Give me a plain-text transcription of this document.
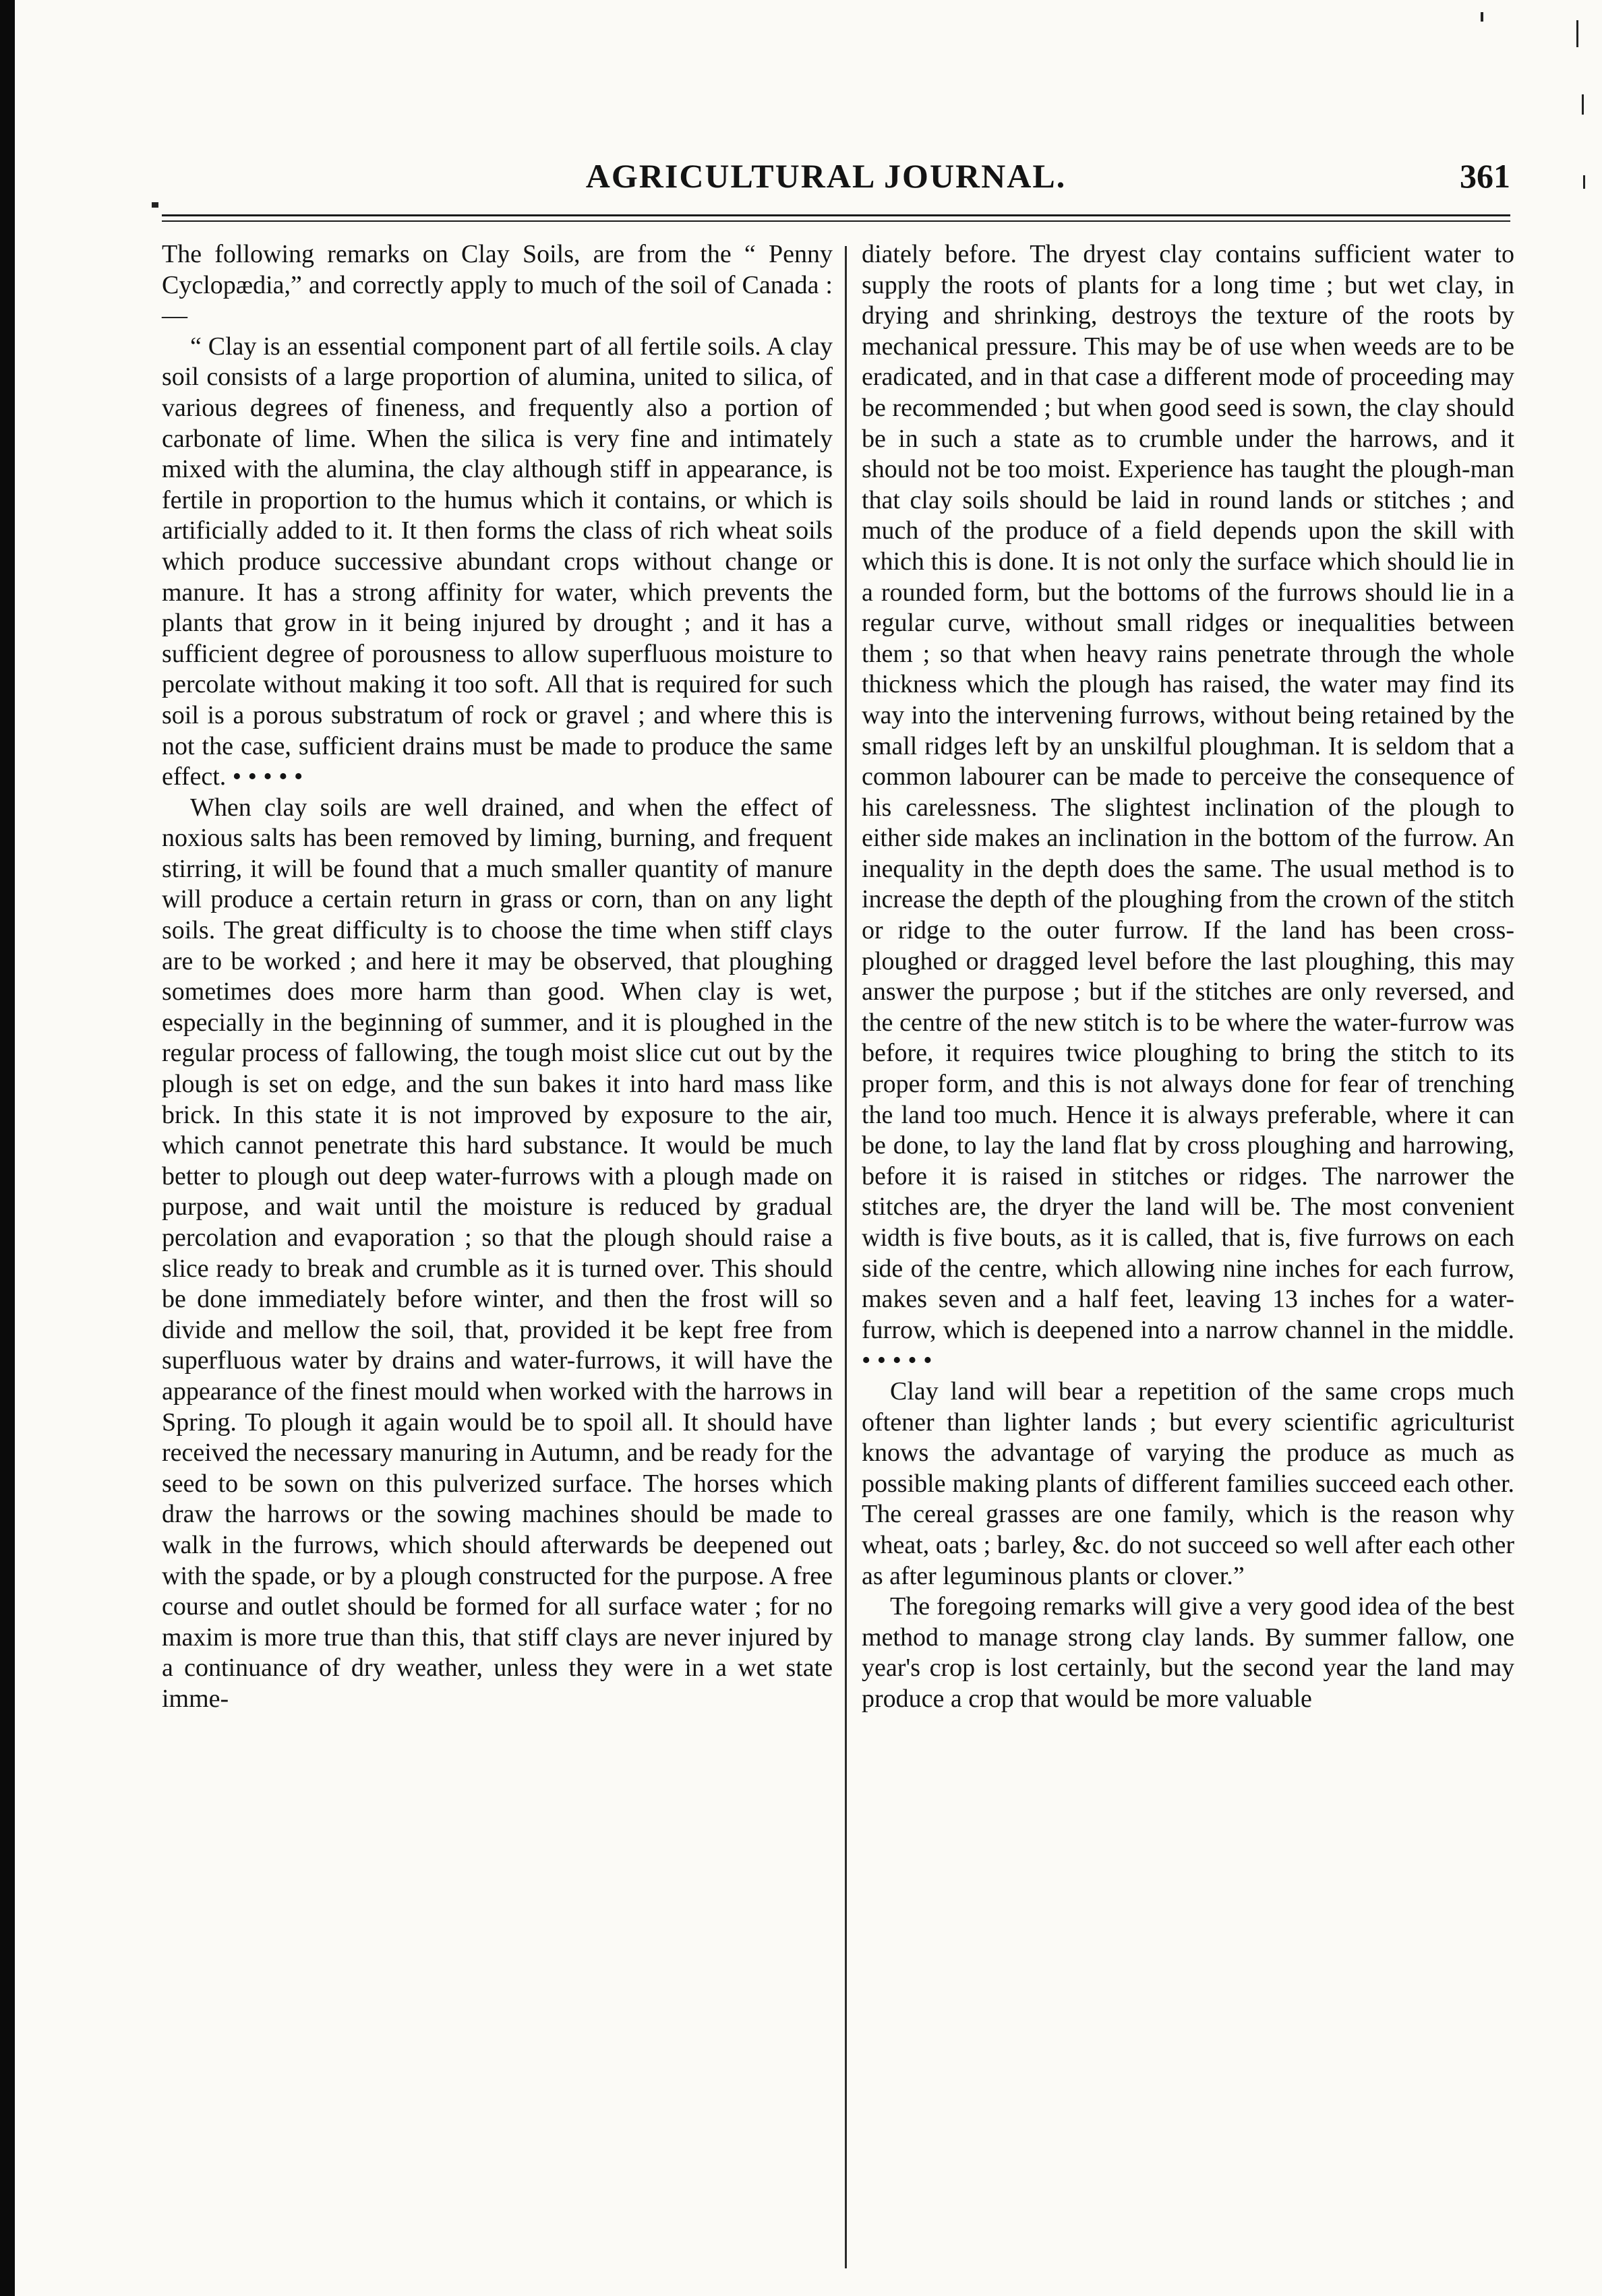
AGRICULTURAL JOURNAL.	361

The following remarks on Clay Soils, are from the “ Penny Cyclopædia,” and correctly apply to much of the soil of Canada :—

“ Clay is an essential component part of all fertile soils. A clay soil consists of a large proportion of alumina, united to silica, of various degrees of fineness, and frequently also a portion of carbonate of lime. When the silica is very fine and intimately mixed with the alumina, the clay although stiff in appearance, is fertile in proportion to the humus which it contains, or which is artificially added to it. It then forms the class of rich wheat soils which produce successive abundant crops without change or manure. It has a strong affinity for water, which prevents the plants that grow in it being injured by drought ; and it has a sufficient degree of porousness to allow superfluous moisture to percolate without making it too soft. All that is required for such soil is a porous substratum of rock or gravel ; and where this is not the case, sufficient drains must be made to produce the same effect. • • • • •

When clay soils are well drained, and when the effect of noxious salts has been removed by liming, burning, and frequent stirring, it will be found that a much smaller quantity of manure will produce a certain return in grass or corn, than on any light soils. The great difficulty is to choose the time when stiff clays are to be worked ; and here it may be observed, that ploughing sometimes does more harm than good. When clay is wet, especially in the beginning of summer, and it is ploughed in the regular process of fallowing, the tough moist slice cut out by the plough is set on edge, and the sun bakes it into hard mass like brick. In this state it is not improved by exposure to the air, which cannot penetrate this hard substance. It would be much better to plough out deep water-furrows with a plough made on purpose, and wait until the moisture is reduced by gradual percolation and evaporation ; so that the plough should raise a slice ready to break and crumble as it is turned over. This should be done immediately before winter, and then the frost will so divide and mellow the soil, that, provided it be kept free from superfluous water by drains and water-furrows, it will have the appearance of the finest mould when worked with the harrows in Spring. To plough it again would be to spoil all. It should have received the necessary manuring in Autumn, and be ready for the seed to be sown on this pulverized surface. The horses which draw the harrows or the sowing machines should be made to walk in the furrows, which should afterwards be deepened out with the spade, or by a plough constructed for the purpose. A free course and outlet should be formed for all surface water ; for no maxim is more true than this, that stiff clays are never injured by a continuance of dry weather, unless they were in a wet state imme-

diately before. The dryest clay contains sufficient water to supply the roots of plants for a long time ; but wet clay, in drying and shrinking, destroys the texture of the roots by mechanical pressure. This may be of use when weeds are to be eradicated, and in that case a different mode of proceeding may be recommended ; but when good seed is sown, the clay should be in such a state as to crumble under the harrows, and it should not be too moist. Experience has taught the plough-man that clay soils should be laid in round lands or stitches ; and much of the produce of a field depends upon the skill with which this is done. It is not only the surface which should lie in a rounded form, but the bottoms of the furrows should lie in a regular curve, without small ridges or inequalities between them ; so that when heavy rains penetrate through the whole thickness which the plough has raised, the water may find its way into the intervening furrows, without being retained by the small ridges left by an unskilful ploughman. It is seldom that a common labourer can be made to perceive the consequence of his carelessness. The slightest inclination of the plough to either side makes an inclination in the bottom of the furrow. An inequality in the depth does the same. The usual method is to increase the depth of the ploughing from the crown of the stitch or ridge to the outer furrow. If the land has been cross-ploughed or dragged level before the last ploughing, this may answer the purpose ; but if the stitches are only reversed, and the centre of the new stitch is to be where the water-furrow was before, it requires twice ploughing to bring the stitch to its proper form, and this is not always done for fear of trenching the land too much. Hence it is always preferable, where it can be done, to lay the land flat by cross ploughing and harrowing, before it is raised in stitches or ridges. The narrower the stitches are, the dryer the land will be. The most convenient width is five bouts, as it is called, that is, five furrows on each side of the centre, which allowing nine inches for each furrow, makes seven and a half feet, leaving 13 inches for a water-furrow, which is deepened into a narrow channel in the middle. • • • • •

Clay land will bear a repetition of the same crops much oftener than lighter lands ; but every scientific agriculturist knows the advantage of varying the produce as much as possible making plants of different families succeed each other. The cereal grasses are one family, which is the reason why wheat, oats ; barley, &c. do not succeed so well after each other as after leguminous plants or clover.”

The foregoing remarks will give a very good idea of the best method to manage strong clay lands. By summer fallow, one year's crop is lost certainly, but the second year the land may produce a crop that would be more valuable
